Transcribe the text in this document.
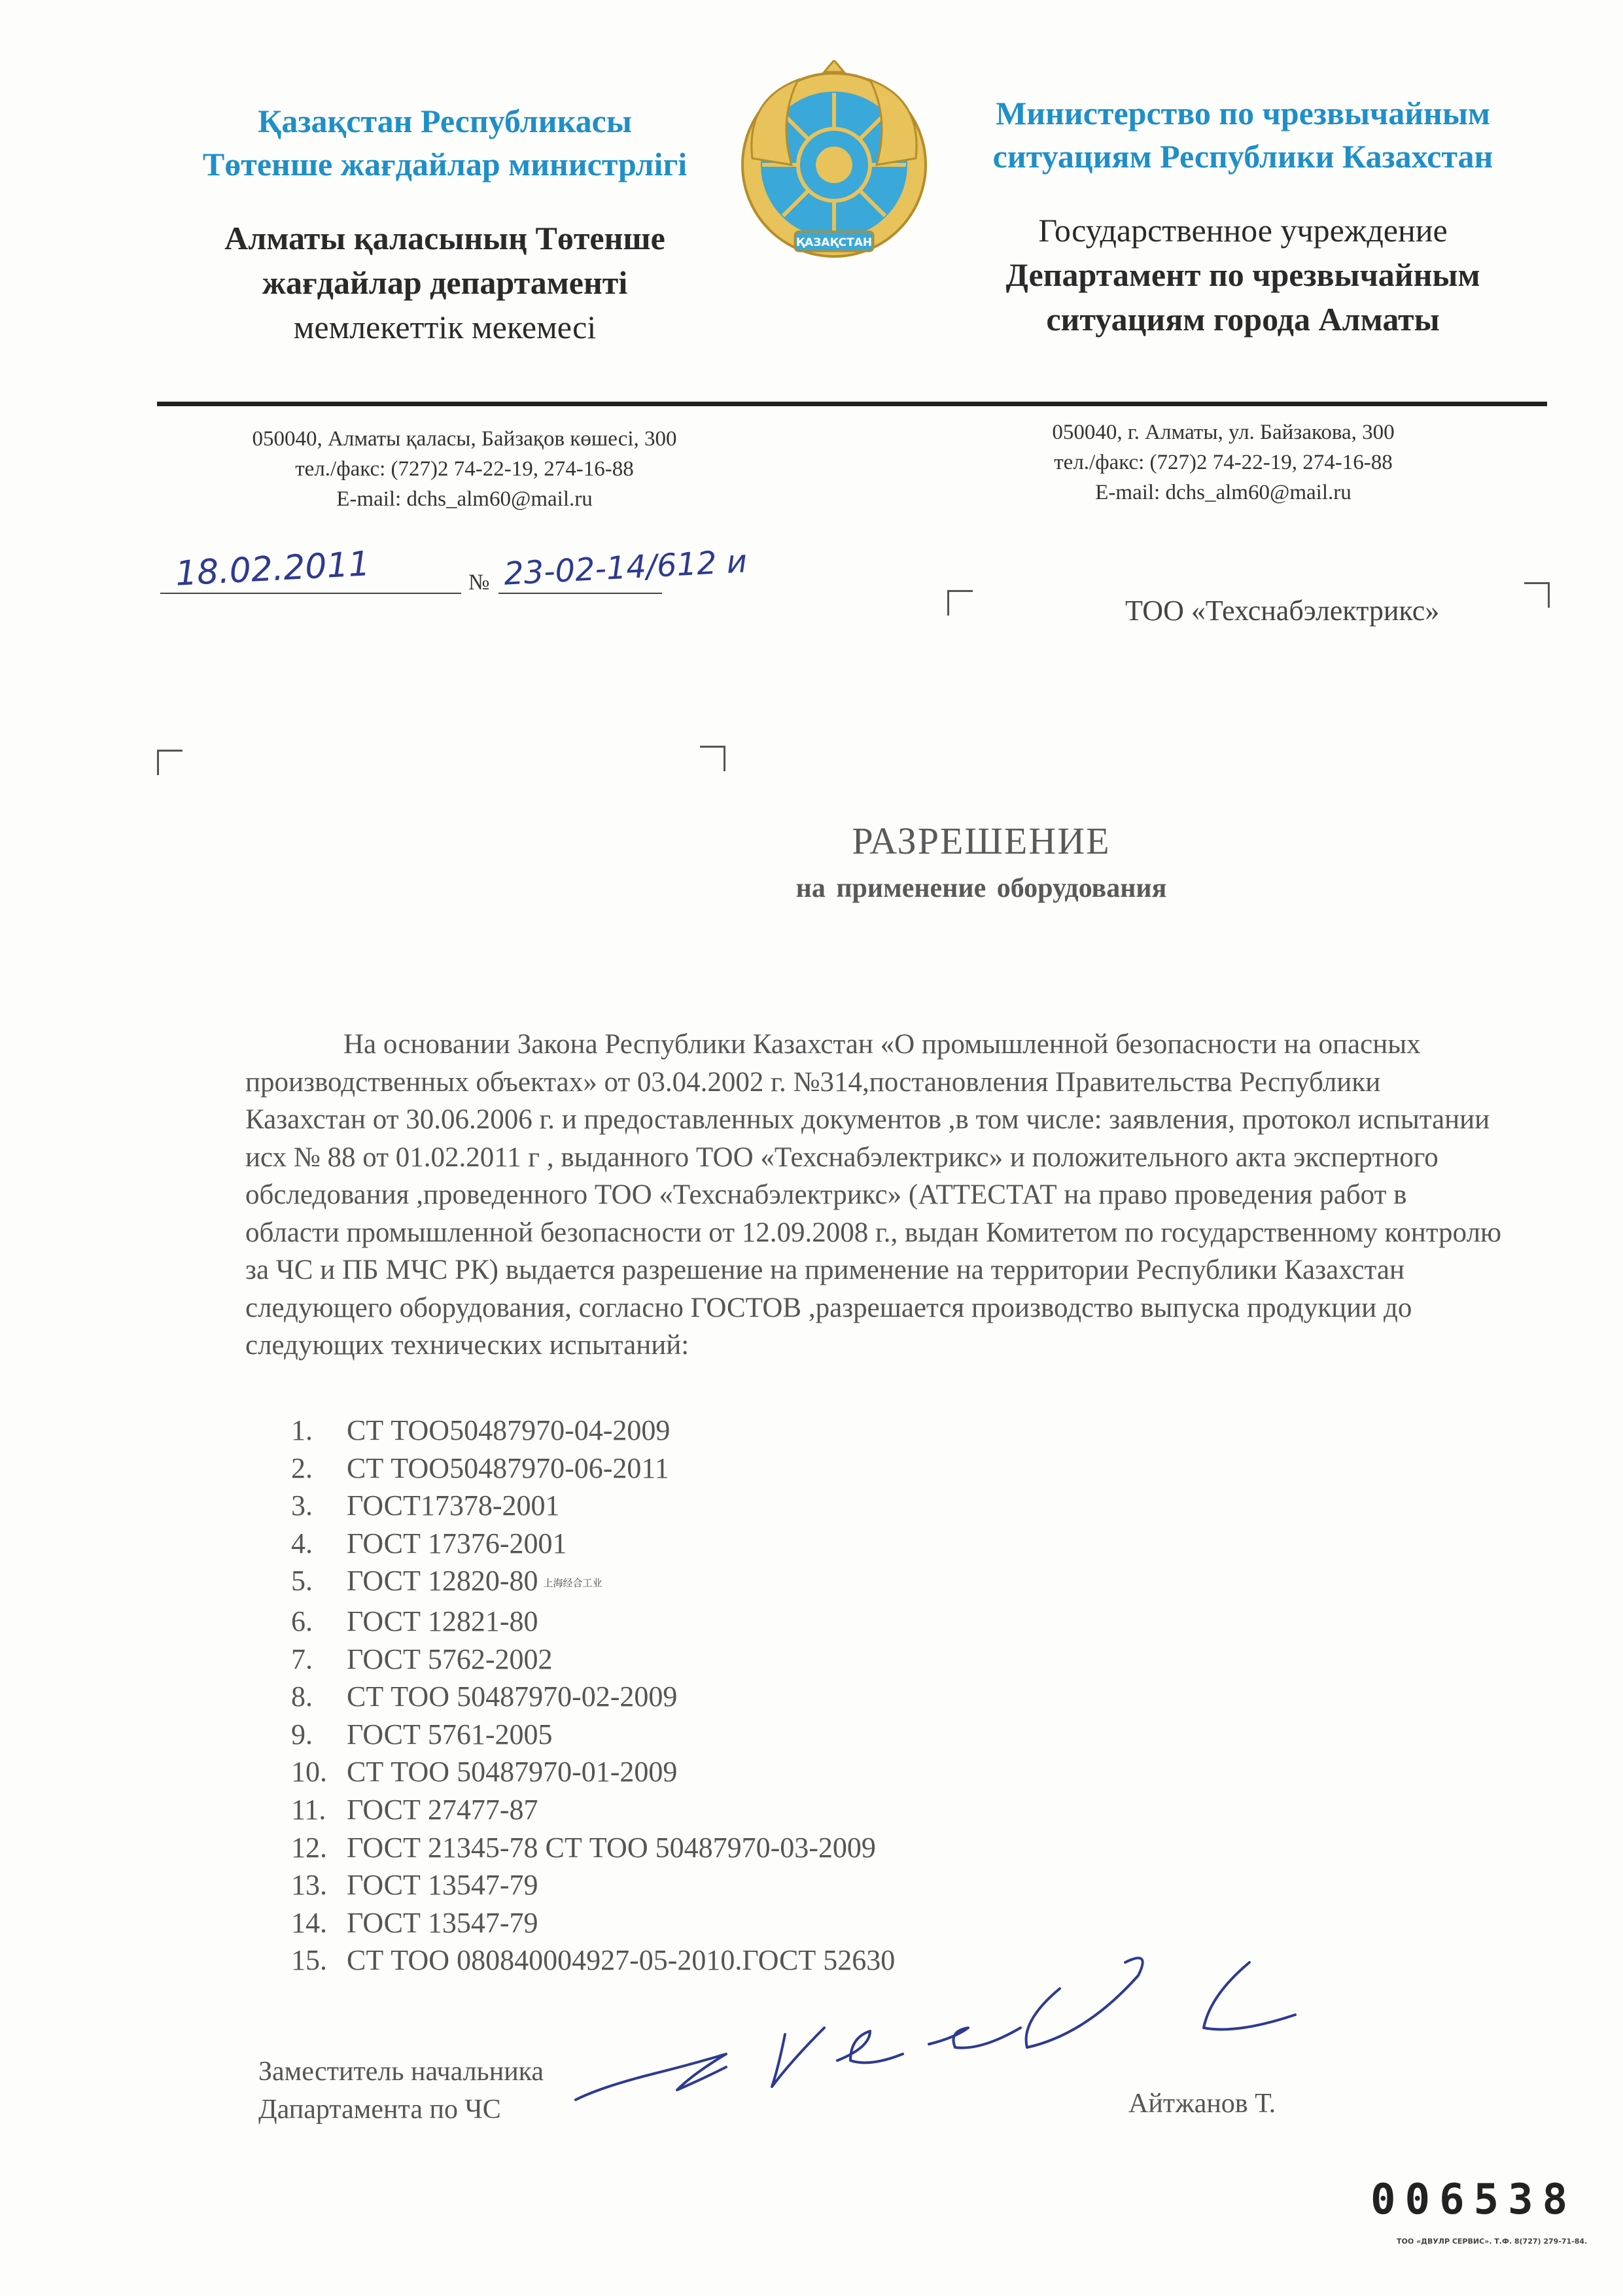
Қазақстан Республикасы
Төтенше жағдайлар министрлігі
ҚАЗАҚСТАН
Министерство по чрезвычайным
ситуациям Республики Казахстан
Алматы қаласының Төтенше
жағдайлар департаменті
мемлекеттік мекемесі
Государственное учреждение
Департамент по чрезвычайным
ситуациям города Алматы
050040, Алматы қаласы, Байзақов көшесі, 300
тел./факс: (727)2 74-22-19, 274-16-88
E-mail: dchs_alm60@mail.ru
050040, г. Алматы, ул. Байзакова, 300
тел./факс: (727)2 74-22-19, 274-16-88
E-mail: dchs_alm60@mail.ru
18.02.2011	№ 23-02-14/612 и
ТОО «Техснабэлектрикс»
РАЗРЕШЕНИЕ
на применение оборудования
На основании Закона Республики Казахстан «О промышленной безопасности на опасных производственных объектах» от 03.04.2002 г. №314,постановления Правительства Республики Казахстан от 30.06.2006 г. и предоставленных документов ,в том числе: заявления, протокол испытании исх № 88 от 01.02.2011 г , выданного ТОО «Техснабэлектрикс» и положительного акта экспертного обследования ,проведенного ТОО «Техснабэлектрикс» (АТТЕСТАТ на право проведения работ в области промышленной безопасности от 12.09.2008 г., выдан Комитетом по государственному контролю за ЧС и ПБ МЧС РК) выдается разрешение на применение на территории Республики Казахстан следующего оборудования, согласно ГОСТОВ ,разрешается производство выпуска продукции до следующих технических испытаний:
1. СТ ТОО50487970-04-2009
2. СТ ТОО50487970-06-2011
3. ГОСТ17378-2001
4. ГОСТ 17376-2001
5. ГОСТ 12820-80 上海经合工业
6. ГОСТ 12821-80
7. ГОСТ 5762-2002
8. СТ ТОО 50487970-02-2009
9. ГОСТ 5761-2005
10. СТ ТОО 50487970-01-2009
11. ГОСТ 27477-87
12. ГОСТ 21345-78 СТ ТОО 50487970-03-2009
13. ГОСТ 13547-79
14. ГОСТ 13547-79
15. СТ ТОО 080840004927-05-2010.ГОСТ 52630
Заместитель начальника
Дапартамента по ЧС	Айтжанов Т.
006538
ТОО «ДВУЛР СЕРВИС». Т.Ф. 8(727) 279-71-84.
